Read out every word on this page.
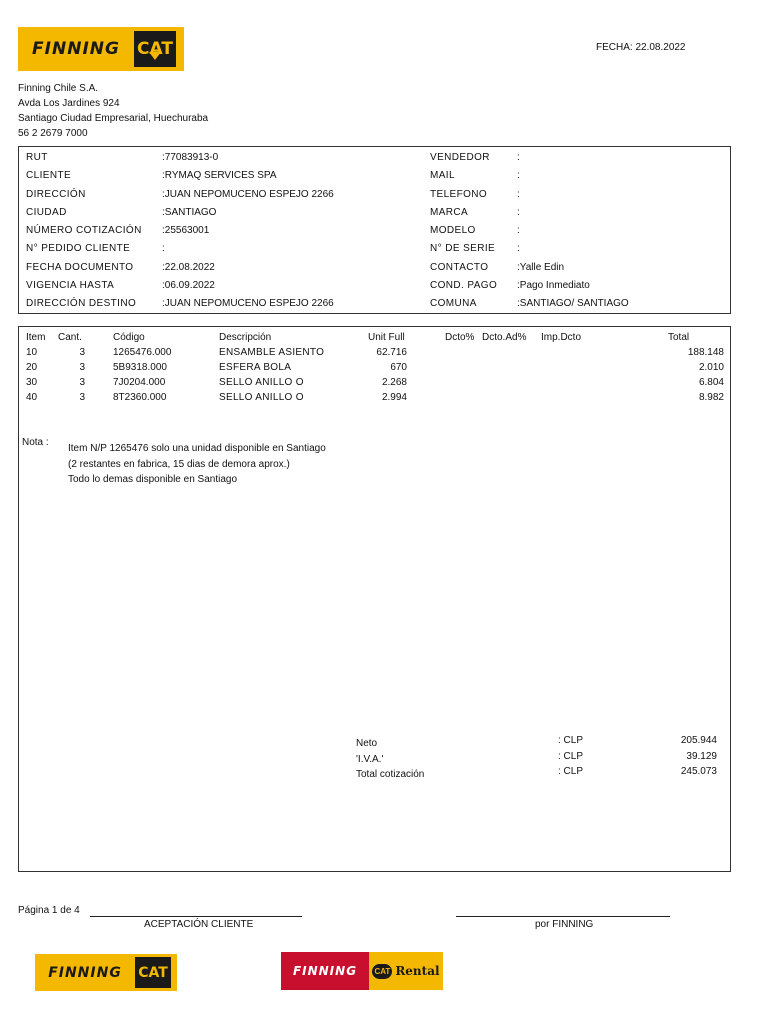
FINNING	CAT	FECHA: 22.08.2022
Finning Chile S.A.
Avda Los Jardines 924
Santiago Ciudad Empresarial, Huechuraba
56 2 2679 7000
RUT	:77083913-0
CLIENTE	:RYMAQ SERVICES SPA
DIRECCIÓN	:JUAN NEPOMUCENO ESPEJO 2266
CIUDAD	:SANTIAGO
NÚMERO COTIZACIÓN :25563001
N° PEDIDO CLIENTE	:
FECHA DOCUMENTO	:22.08.2022
VIGENCIA HASTA	:06.09.2022
DIRECCIÓN DESTINO	:JUAN NEPOMUCENO ESPEJO 2266
VENDEDOR	:
MAIL	:
TELEFONO	:
MARCA	:
MODELO	:
N° DE SERIE :
CONTACTO	:Yalle Edin
COND. PAGO :Pago Inmediato
COMUNA	:SANTIAGO/ SANTIAGO
Item Cant.	Código	Descripción	Unit Full	Dcto% Dcto.Ad% Imp.Dcto	Total
10	3	1265476.000	ENSAMBLE ASIENTO	62.716	188.148
20	3	5B9318.000	ESFERA BOLA	670	2.010
30	3	7J0204.000	SELLO ANILLO O	2.268	6.804
40	3	8T2360.000	SELLO ANILLO O	2.994	8.982
Nota :
Item N/P 1265476 solo una unidad disponible en Santiago
(2 restantes en fabrica, 15 dias de demora aprox.)
Todo lo demas disponible en Santiago
Neto	: CLP	205.944
'I.V.A.'	: CLP	39.129
Total cotización	: CLP	245.073
Página 1 de 4
ACEPTACIÓN CLIENTE	por FINNING
FINNING	CAT	FINNING CAT Rental
